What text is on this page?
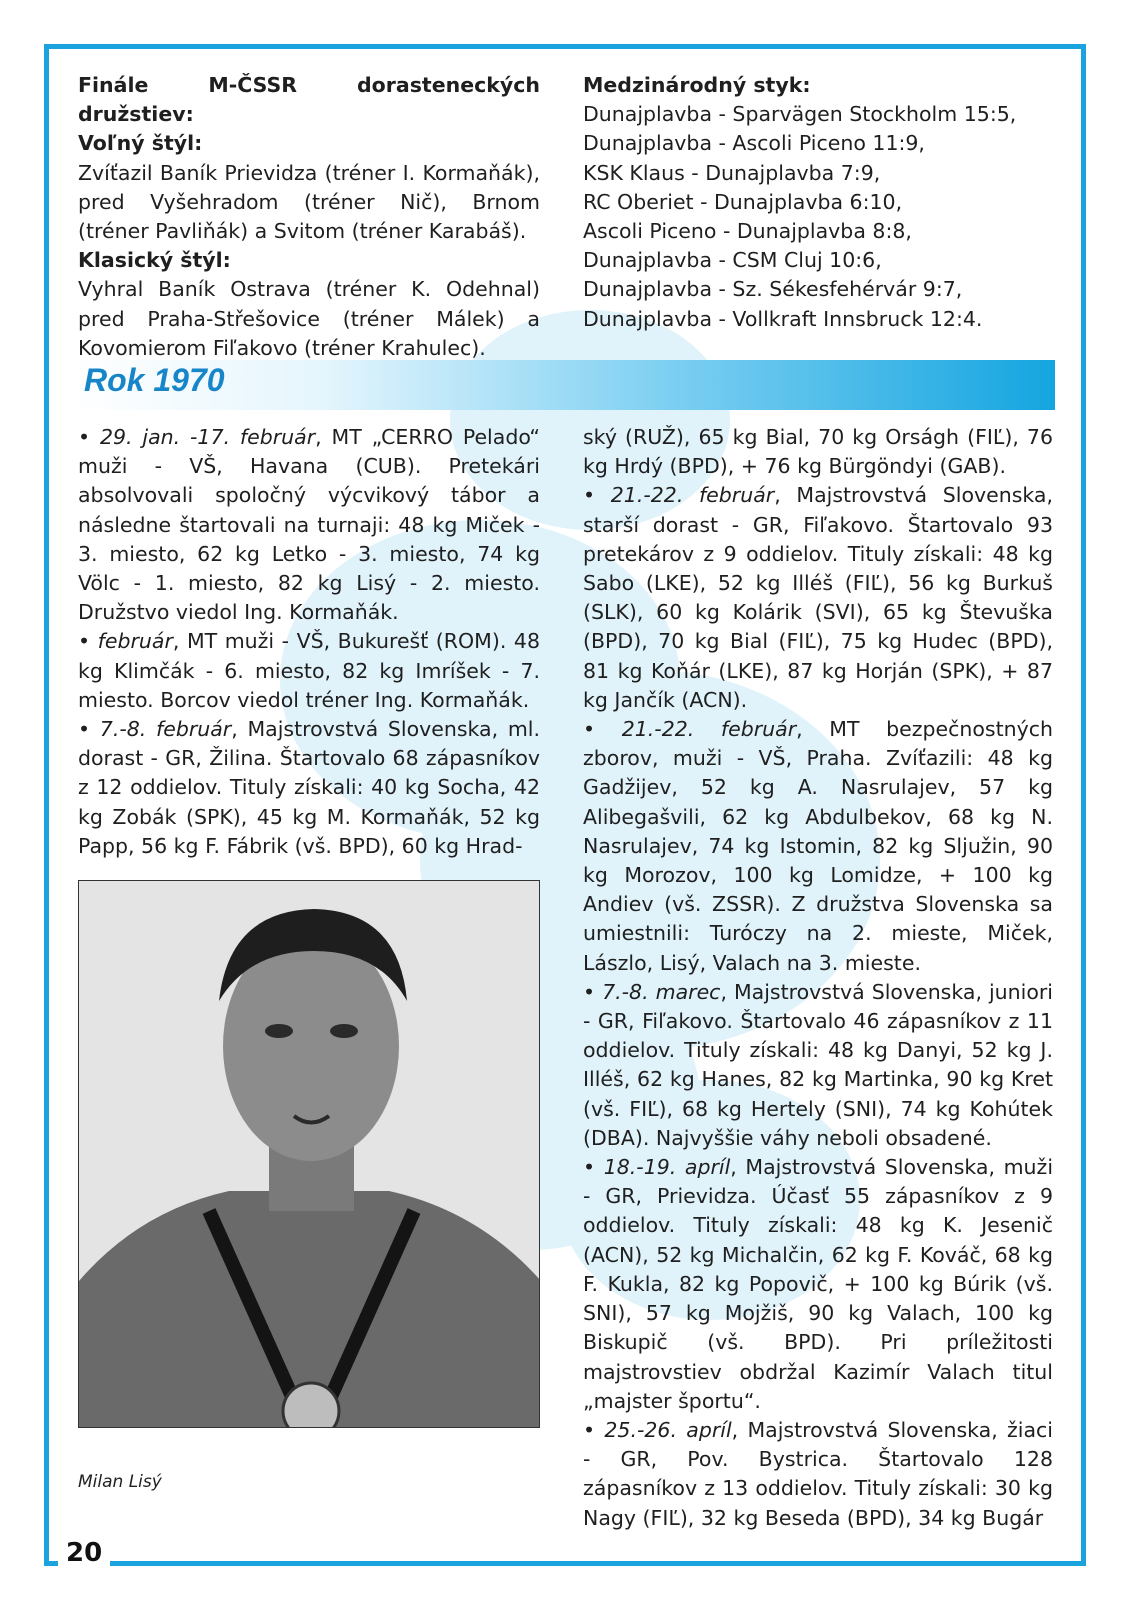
Finále M-ČSSR dorasteneckých družstiev:

Voľný štýl:

Zvíťazil Baník Prievidza (tréner I. Kormaňák), pred Vyšehradom (tréner Nič), Brnom (tréner Pavliňák) a Svitom (tréner Karabáš).

Klasický štýl:

Vyhral Baník Ostrava (tréner K. Odehnal) pred Praha-Střešovice (tréner Málek) a Kovomierom Fiľakovo (tréner Krahulec).

Medzinárodný styk:

Dunajplavba - Sparvägen Stockholm 15:5,
Dunajplavba - Ascoli Piceno 11:9,
KSK Klaus - Dunajplavba 7:9,
RC Oberiet - Dunajplavba 6:10,
Ascoli Piceno - Dunajplavba 8:8,
Dunajplavba - CSM Cluj 10:6,
Dunajplavba - Sz. Sékesfehérvár 9:7,
Dunajplavba - Vollkraft Innsbruck 12:4.
Rok 1970

• 29. jan. -17. február, MT „CERRO Pelado“ muži - VŠ, Havana (CUB). Pretekári absolvovali spoločný výcvikový tábor a následne štartovali na turnaji: 48 kg Miček - 3. miesto, 62 kg Letko - 3. miesto, 74 kg Völc - 1. miesto, 82 kg Lisý - 2. miesto. Družstvo viedol Ing. Kormaňák.

• február, MT muži - VŠ, Bukurešť (ROM). 48 kg Klimčák - 6. miesto, 82 kg Imríšek - 7. miesto. Borcov viedol tréner Ing. Kormaňák.

• 7.-8. február, Majstrovstvá Slovenska, ml. dorast - GR, Žilina. Štartovalo 68 zápasníkov z 12 oddielov. Tituly získali: 40 kg Socha, 42 kg Zobák (SPK), 45 kg M. Kormaňák, 52 kg Papp, 56 kg F. Fábrik (vš. BPD), 60 kg Hrad-

Milan Lisý

ský (RUŽ), 65 kg Bial, 70 kg Orságh (FIĽ), 76 kg Hrdý (BPD), + 76 kg Bürgöndyi (GAB).

• 21.-22. február, Majstrovstvá Slovenska, starší dorast - GR, Fiľakovo. Štartovalo 93 pretekárov z 9 oddielov. Tituly získali: 48 kg Sabo (LKE), 52 kg Illéš (FIĽ), 56 kg Burkuš (SLK), 60 kg Kolárik (SVI), 65 kg Števuška (BPD), 70 kg Bial (FIĽ), 75 kg Hudec (BPD), 81 kg Koňár (LKE), 87 kg Horján (SPK), + 87 kg Jančík (ACN).

• 21.-22. február, MT bezpečnostných zborov, muži - VŠ, Praha. Zvíťazili: 48 kg Gadžijev, 52 kg A. Nasrulajev, 57 kg Alibegašvili, 62 kg Abdulbekov, 68 kg N. Nasrulajev, 74 kg Istomin, 82 kg Sljužin, 90 kg Morozov, 100 kg Lomidze, + 100 kg Andiev (vš. ZSSR). Z družstva Slovenska sa umiestnili: Turóczy na 2. mieste, Miček, Lászlo, Lisý, Valach na 3. mieste.

• 7.-8. marec, Majstrovstvá Slovenska, juniori - GR, Fiľakovo. Štartovalo 46 zápasníkov z 11 oddielov. Tituly získali: 48 kg Danyi, 52 kg J. Illéš, 62 kg Hanes, 82 kg Martinka, 90 kg Kret (vš. FIĽ), 68 kg Hertely (SNI), 74 kg Kohútek (DBA). Najvyššie váhy neboli obsadené.

• 18.-19. apríl, Majstrovstvá Slovenska, muži - GR, Prievidza. Účasť 55 zápasníkov z 9 oddielov. Tituly získali: 48 kg K. Jesenič (ACN), 52 kg Michalčin, 62 kg F. Kováč, 68 kg F. Kukla, 82 kg Popovič, + 100 kg Búrik (vš. SNI), 57 kg Mojžiš, 90 kg Valach, 100 kg Biskupič (vš. BPD). Pri príležitosti majstrovstiev obdržal Kazimír Valach titul „majster športu“.

• 25.-26. apríl, Majstrovstvá Slovenska, žiaci - GR, Pov. Bystrica. Štartovalo 128 zápasníkov z 13 oddielov. Tituly získali: 30 kg Nagy (FIĽ), 32 kg Beseda (BPD), 34 kg Bugár

20
